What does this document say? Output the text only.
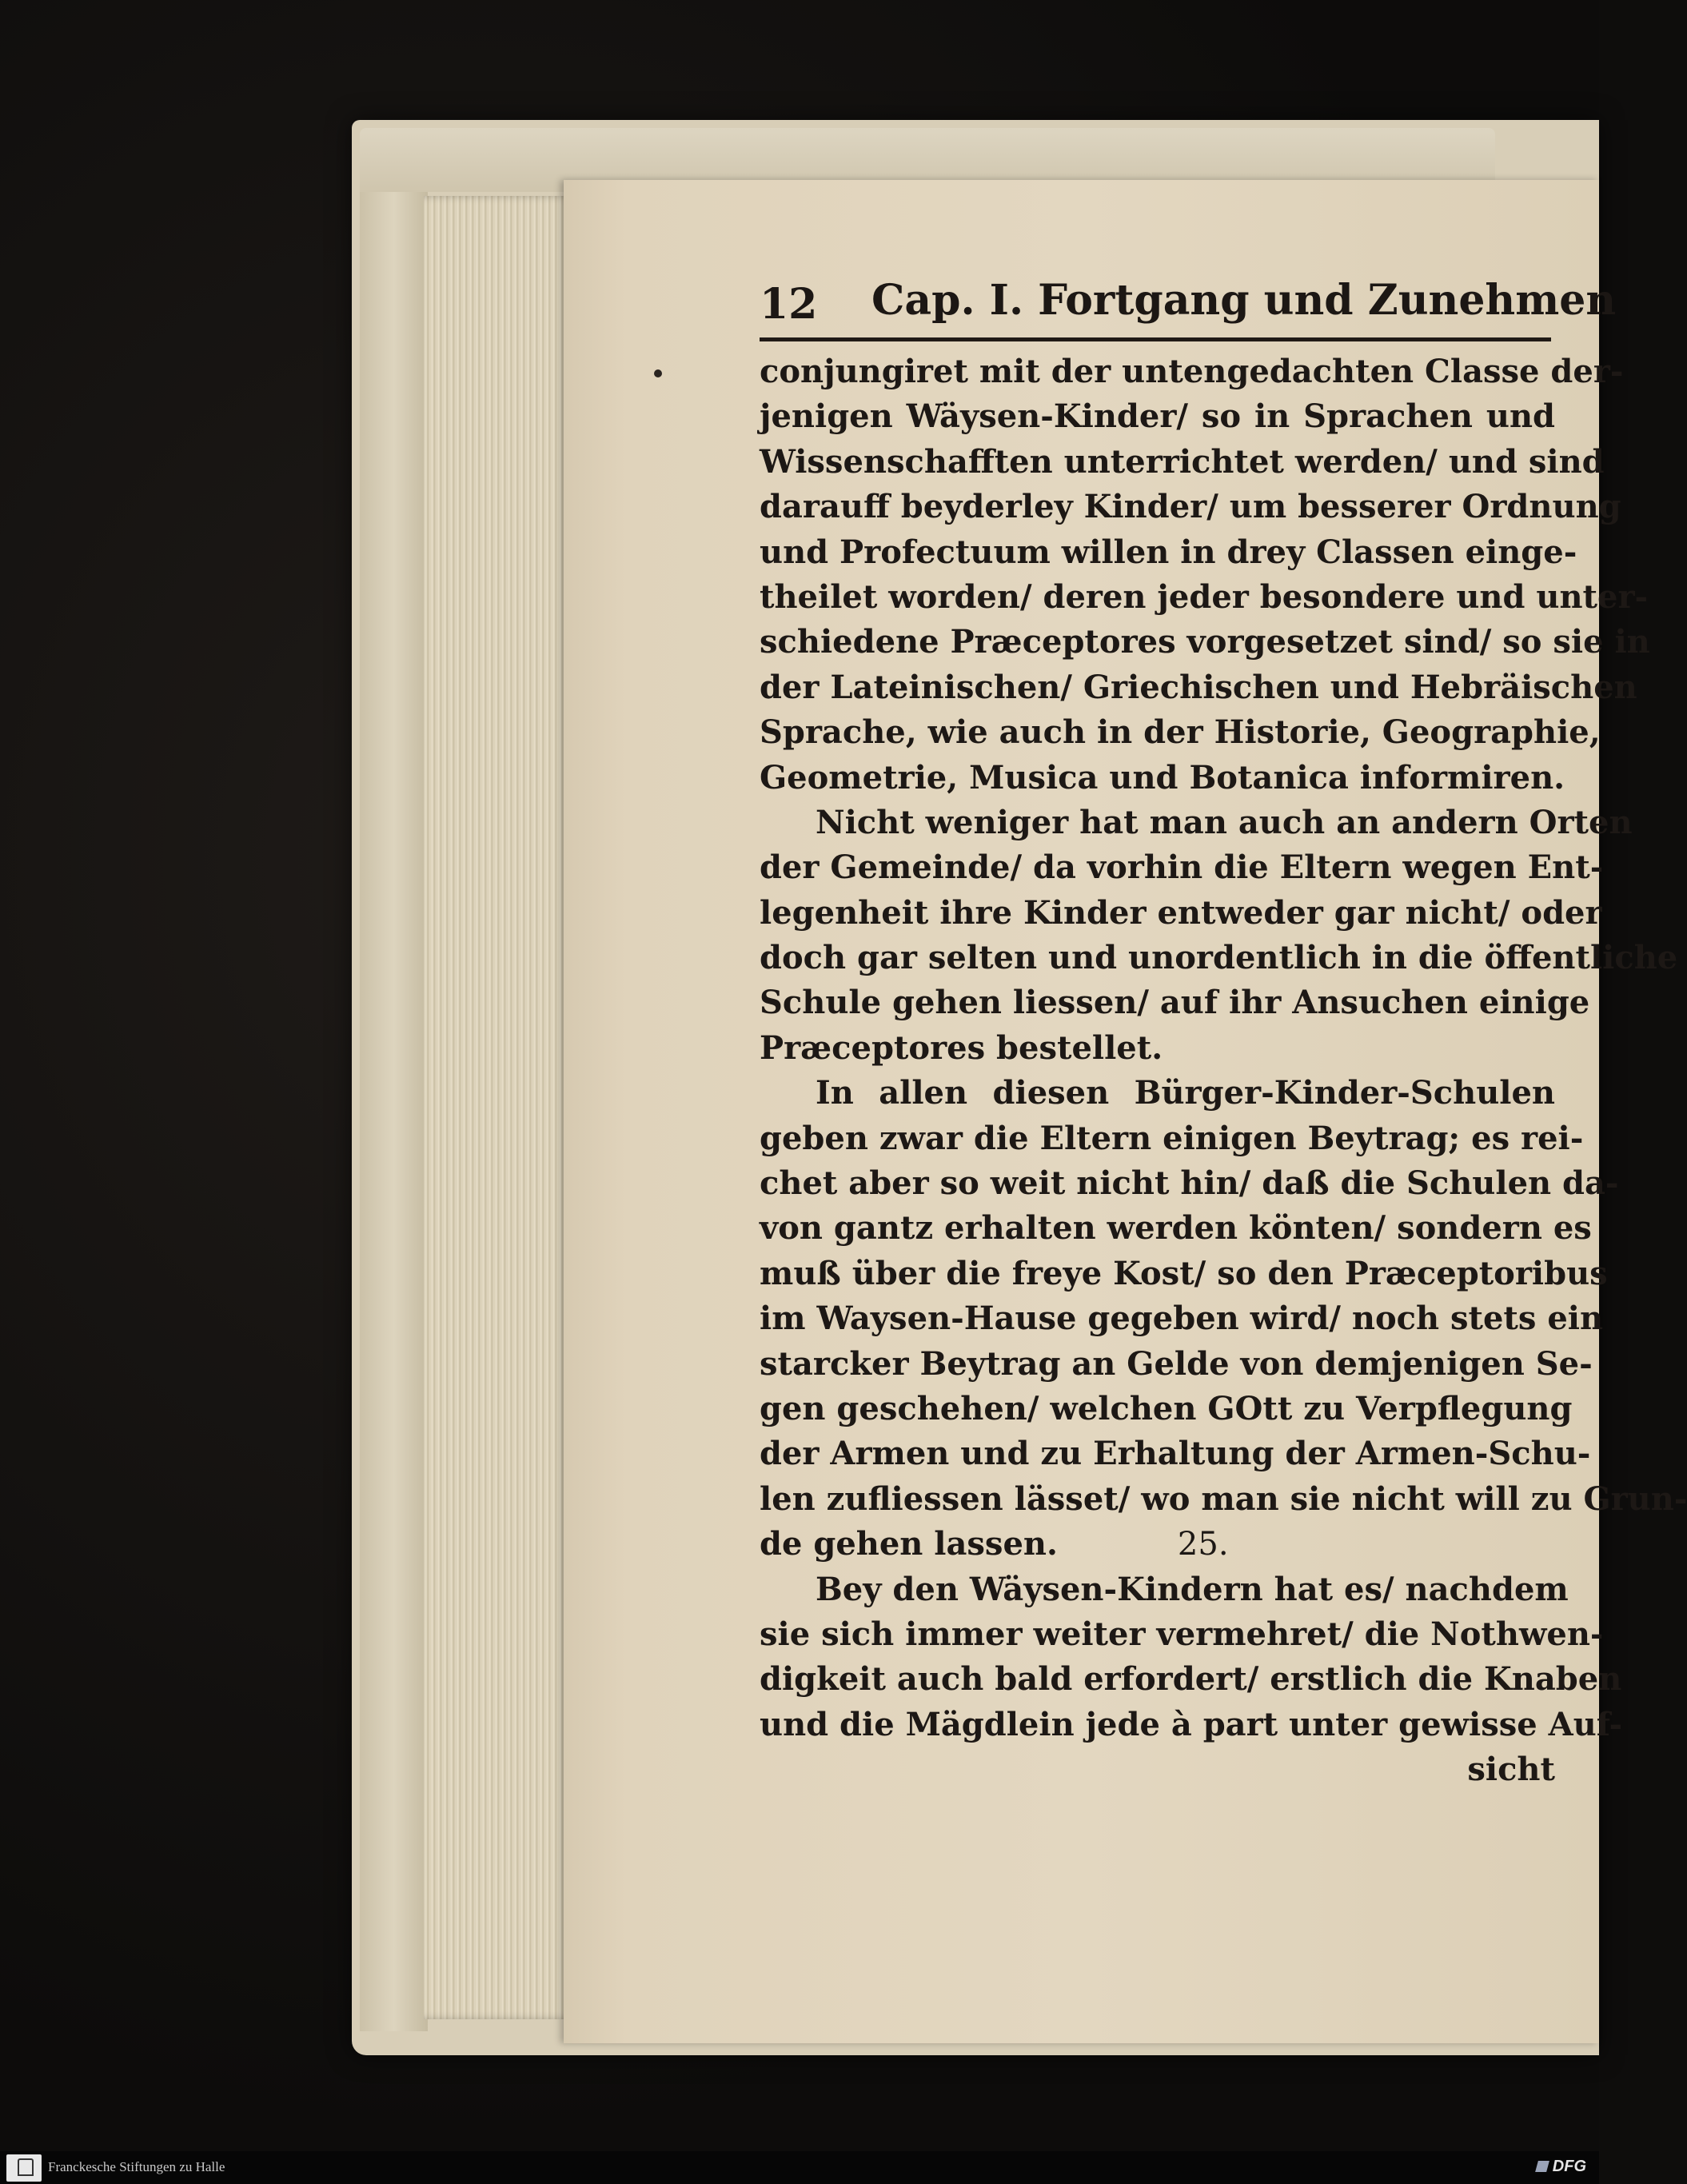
12 Cap. I. Fortgang und Zunehmen
conjungiret mit der untengedachten Classe der-
jenigen Wäysen-Kinder/ so in Sprachen und
Wissenschafften unterrichtet werden/ und sind
darauff beyderley Kinder/ um besserer Ordnung
und Profectuum willen in drey Classen einge-
theilet worden/ deren jeder besondere und unter-
schiedene Præceptores vorgesetzet sind/ so sie in
der Lateinischen/ Griechischen und Hebräischen
Sprache, wie auch in der Historie, Geographie,
Geometrie, Musica und Botanica informiren.
Nicht weniger hat man auch an andern Orten
der Gemeinde/ da vorhin die Eltern wegen Ent-
legenheit ihre Kinder entweder gar nicht/ oder
doch gar selten und unordentlich in die öffentliche
Schule gehen liessen/ auf ihr Ansuchen einige
Præceptores bestellet.
In allen diesen Bürger-Kinder-Schulen
geben zwar die Eltern einigen Beytrag; es rei-
chet aber so weit nicht hin/ daß die Schulen da-
von gantz erhalten werden könten/ sondern es
muß über die freye Kost/ so den Præceptoribus
im Waysen-Hause gegeben wird/ noch stets ein
starcker Beytrag an Gelde von demjenigen Se-
gen geschehen/ welchen GOtt zu Verpflegung
der Armen und zu Erhaltung der Armen-Schu-
len zufliessen lässet/ wo man sie nicht will zu Grun-
de gehen lassen.	25.
Bey den Wäysen-Kindern hat es/ nachdem
sie sich immer weiter vermehret/ die Nothwen-
digkeit auch bald erfordert/ erstlich die Knaben
und die Mägdlein jede à part unter gewisse Auf-
sicht
Franckesche Stiftungen zu Halle	DFG
